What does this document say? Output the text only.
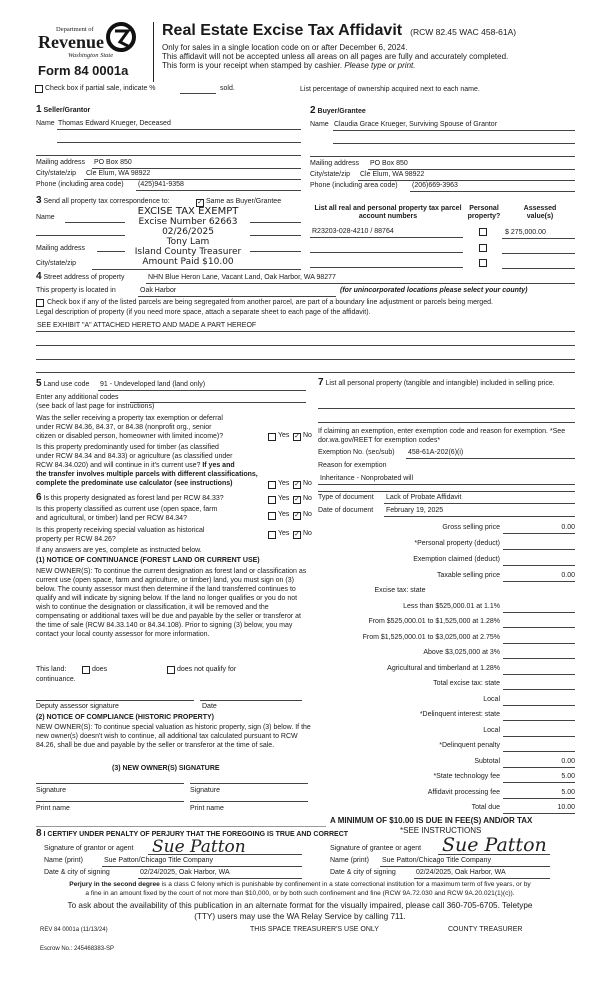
Department of
Revenue
Washington State
Form 84 0001a
Real Estate Excise Tax Affidavit (RCW 82.45 WAC 458-61A)
Only for sales in a single location code on or after December 6, 2024.
This affidavit will not be accepted unless all areas on all pages are fully and accurately completed.
This form is your receipt when stamped by cashier. Please type or print.
Check box if partial sale, indicate %	sold.	List percentage of ownership acquired next to each name.
1 Seller/Grantor
Name Thomas Edward Krueger, Deceased
Mailing address PO Box 850
City/state/zip Cle Elum, WA 98922
Phone (including area code) (425)941-9358
2 Buyer/Grantee
Name Claudia Grace Krueger, Surviving Spouse of Grantor
Mailing address PO Box 850
City/state/zip Cle Elum, WA 98922
Phone (including area code) (206)669-3963
3 Send all property tax correspondence to:	✓ Same as Buyer/Grantee
Name
Mailing address
City/state/zip
EXCISE TAX EXEMPT
Excise Number 62663
02/26/2025
Tony Lam
Island County Treasurer
Amount Paid $10.00
List all real and personal property tax parcel account numbers
Personal property?
Assessed value(s)
R23203-028-4210 / 88764	$ 275,000.00
4 Street address of property	NHN Blue Heron Lane, Vacant Land, Oak Harbor, WA 98277
This property is located in	Oak Harbor	(for unincorporated locations please select your county)
Check box if any of the listed parcels are being segregated from another parcel, are part of a boundary line adjustment or parcels being merged.
Legal description of property (if you need more space, attach a separate sheet to each page of the affidavit).
SEE EXHIBIT "A" ATTACHED HERETO AND MADE A PART HEREOF
5 Land use code 91 - Undeveloped land (land only)
Enter any additional codes
(see back of last page for instructions)
Was the seller receiving a property tax exemption or deferral
under RCW 84.36, 84.37, or 84.38 (nonprofit org., senior
citizen or disabled person, homeowner with limited income)?
Is this property predominantly used for timber (as classified
under RCW 84.34 and 84.33) or agriculture (as classified under
RCW 84.34.020) and will continue in it's current use? If yes and
the transfer involves multiple parcels with different classifications,
complete the predominate use calculator (see instructions)
Yes ✓ No
Yes ✓ No
6 Is this property designated as forest land per RCW 84.33?
Is this property classified as current use (open space, farm
and agricultural, or timber) land per RCW 84.34?
Is this property receiving special valuation as historical
property per RCW 84.26?
Yes ✓ No
Yes ✓ No
Yes ✓ No
If any answers are yes, complete as instructed below.
(1) NOTICE OF CONTINUANCE (FOREST LAND OR CURRENT USE)
NEW OWNER(S): To continue the current designation as forest land or classification as current use (open space, farm and agriculture, or timber) land, you must sign on (3) below. The county assessor must then determine if the land transferred continues to qualify and will indicate by signing below. If the land no longer qualifies or you do not wish to continue the designation or classification, it will be removed and the compensating or additional taxes will be due and payable by the seller or transferor at the time of sale (RCW 84.33.140 or 84.34.108). Prior to signing (3) below, you may contact your local county assessor for more information.
This land:	does	does not qualify for
continuance.
Deputy assessor signature	Date
(2) NOTICE OF COMPLIANCE (HISTORIC PROPERTY)
NEW OWNER(S): To continue special valuation as historic property, sign (3) below. If the new owner(s) doesn't wish to continue, all additional tax calculated pursuant to RCW 84.26, shall be due and payable by the seller or transferor at the time of sale.
(3) NEW OWNER(S) SIGNATURE
Signature	Signature
Print name	Print name
7 List all personal property (tangible and intangible) included in selling price.
If claiming an exemption, enter exemption code and reason for exemption. *See dor.wa.gov/REET for exemption codes*
Exemption No. (sec/sub) 458-61A-202(6)(i)
Reason for exemption
Inheritance - Nonprobated will
Type of document Lack of Probate Affidavit
Date of document February 19, 2025
Gross selling price	0.00
*Personal property (deduct)
Exemption claimed (deduct)
Taxable selling price	0.00
Excise tax: state
Less than $525,000.01 at 1.1%
From $525,000.01 to $1,525,000 at 1.28%
From $1,525,000.01 to $3,025,000 at 2.75%
Above $3,025,000 at 3%
Agricultural and timberland at 1.28%
Total excise tax: state
Local
*Delinquent interest: state
Local
*Delinquent penalty
Subtotal	0.00
*State technology fee	5.00
Affidavit processing fee	5.00
Total due	10.00
A MINIMUM OF $10.00 IS DUE IN FEE(S) AND/OR TAX
*SEE INSTRUCTIONS
8 I CERTIFY UNDER PENALTY OF PERJURY THAT THE FOREGOING IS TRUE AND CORRECT
Signature of grantor or agent Sue Patton
Name (print)	Sue Patton/Chicago Title Company
Date & city of signing	02/24/2025, Oak Harbor, WA
Signature of grantee or agent Sue Patton
Name (print) Sue Patton/Chicago Title Company
Date & city of signing	02/24/2025, Oak Harbor, WA
Perjury in the second degree is a class C felony which is punishable by confinement in a state correctional institution for a maximum term of five years, or by
a fine in an amount fixed by the court of not more than $10,000, or by both such confinement and fine (RCW 9A.72.030 and RCW 9A.20.021(1)(c)).
To ask about the availability of this publication in an alternate format for the visually impaired, please call 360-705-6705. Teletype
(TTY) users may use the WA Relay Service by calling 711.
REV 84 0001a (11/13/24)	THIS SPACE TREASURER'S USE ONLY	COUNTY TREASURER
Escrow No.: 245468383-SP
